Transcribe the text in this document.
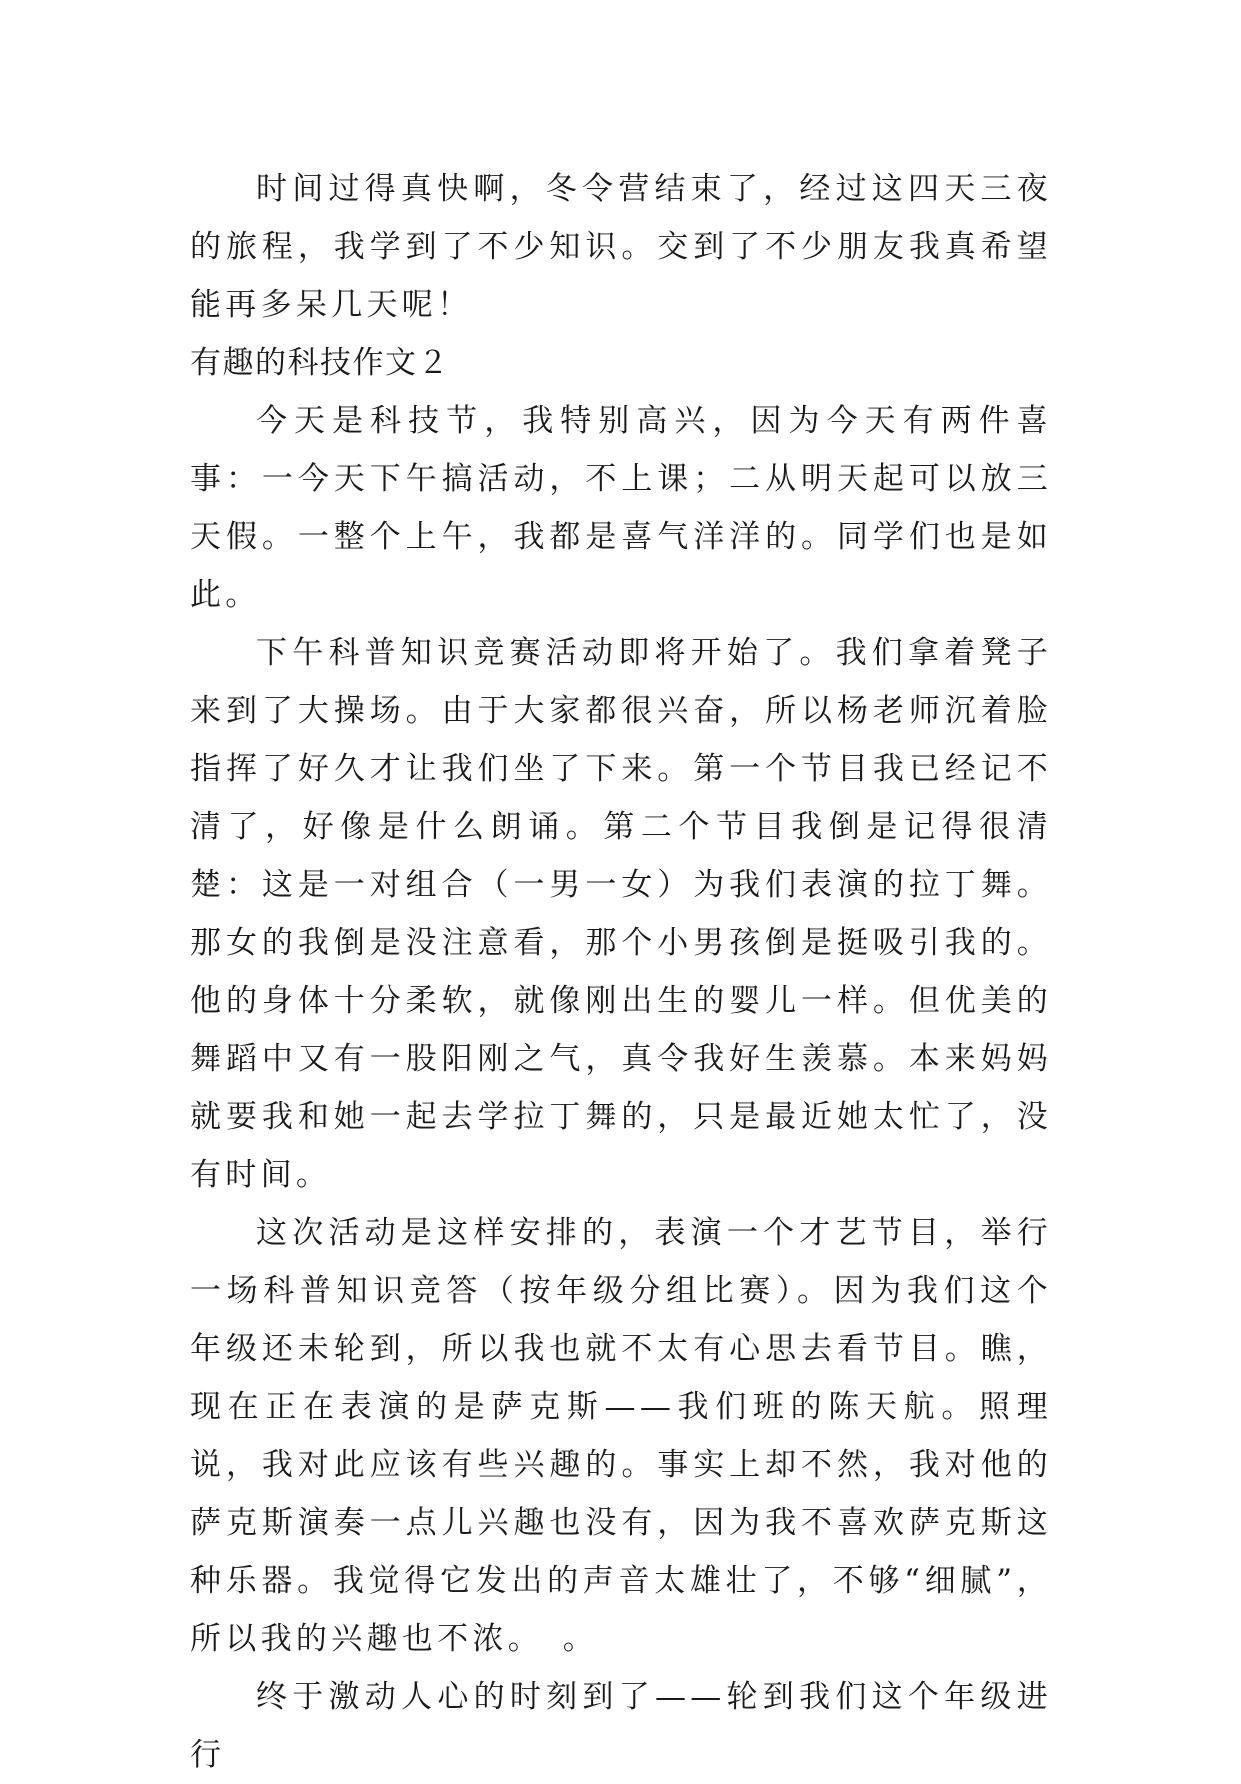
时间过得真快啊，冬令营结束了，经过这四天三夜的旅程，我学到了不少知识。交到了不少朋友我真希望能再多呆几天呢！

有趣的科技作文２

今天是科技节，我特别高兴，因为今天有两件喜事：一今天下午搞活动，不上课；二从明天起可以放三天假。一整个上午，我都是喜气洋洋的。同学们也是如此。

下午科普知识竞赛活动即将开始了。我们拿着凳子来到了大操场。由于大家都很兴奋，所以杨老师沉着脸指挥了好久才让我们坐了下来。第一个节目我已经记不清了，好像是什么朗诵。第二个节目我倒是记得很清楚：这是一对组合（一男一女）为我们表演的拉丁舞。那女的我倒是没注意看，那个小男孩倒是挺吸引我的。他的身体十分柔软，就像刚出生的婴儿一样。但优美的舞蹈中又有一股阳刚之气，真令我好生羡慕。本来妈妈就要我和她一起去学拉丁舞的，只是最近她太忙了，没有时间。

这次活动是这样安排的，表演一个才艺节目，举行一场科普知识竞答（按年级分组比赛）。因为我们这个年级还未轮到，所以我也就不太有心思去看节目。瞧，现在正在表演的是萨克斯——我们班的陈天航。照理说，我对此应该有些兴趣的。事实上却不然，我对他的萨克斯演奏一点儿兴趣也没有，因为我不喜欢萨克斯这种乐器。我觉得它发出的声音太雄壮了，不够“细腻”，所以我的兴趣也不浓。　。

终于激动人心的时刻到了——轮到我们这个年级进行
